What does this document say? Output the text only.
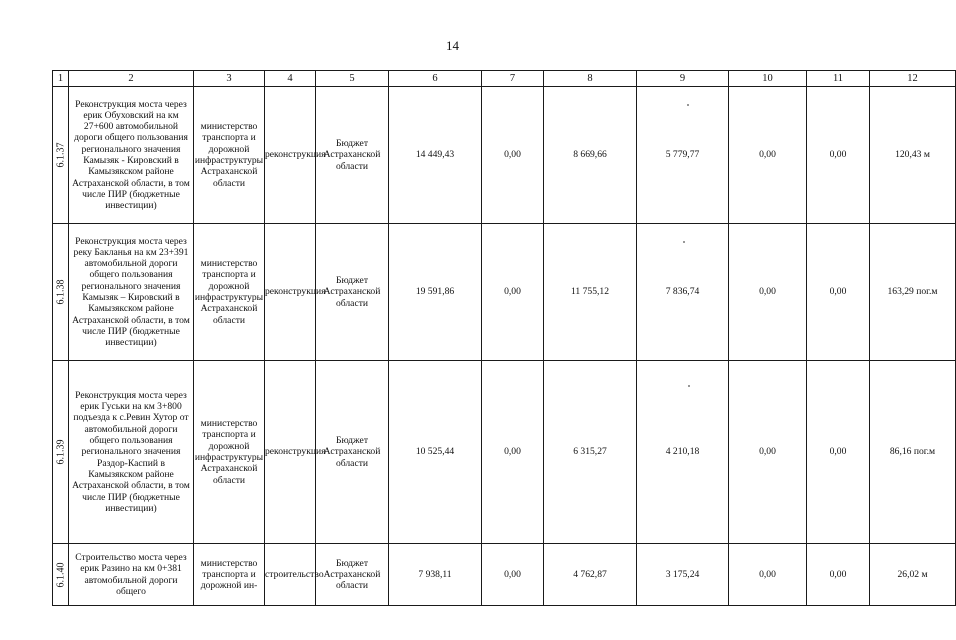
14
1	2	3	4	5	6	7	8	9	10	11	12

6.1.37	Реконструкция моста через ерик Обуховский на км 27+600 автомобильной дороги общего пользования регионального значения Камызяк - Кировский в Камызякском районе Астраханской области, в том числе ПИР (бюджетные инвестиции)	министерство транспорта и дорожной инфраструктуры Астраханской области	реконструкция	Бюджет Астраханской области	14 449,43	0,00	8 669,66	5 779,77	0,00	0,00	120,43 м

6.1.38	Реконструкция моста через реку Бакланья на км 23+391 автомобильной дороги общего пользования регионального значения Камызяк – Кировский в Камызякском районе Астраханской области, в том числе ПИР (бюджетные инвестиции)	министерство транспорта и дорожной инфраструктуры Астраханской области	реконструкция	Бюджет Астраханской области	19 591,86	0,00	11 755,12	7 836,74	0,00	0,00	163,29 пог.м

6.1.39	Реконструкция моста через ерик Гуськи на км 3+800 подъезда к с.Ревин Хутор от автомобильной дороги общего пользования регионального значения Раздор-Каспий в Камызякском районе Астраханской области, в том числе ПИР (бюджетные инвестиции)	министерство транспорта и дорожной инфраструктуры Астраханской области	реконструкция	Бюджет Астраханской области	10 525,44	0,00	6 315,27	4 210,18	0,00	0,00	86,16 пог.м

6.1.40	Строительство моста через ерик Разино на км 0+381 автомобильной дороги общего	министерство транспорта и дорожной ин-	строительство	Бюджет Астраханской области	7 938,11	0,00	4 762,87	3 175,24	0,00	0,00	26,02 м
